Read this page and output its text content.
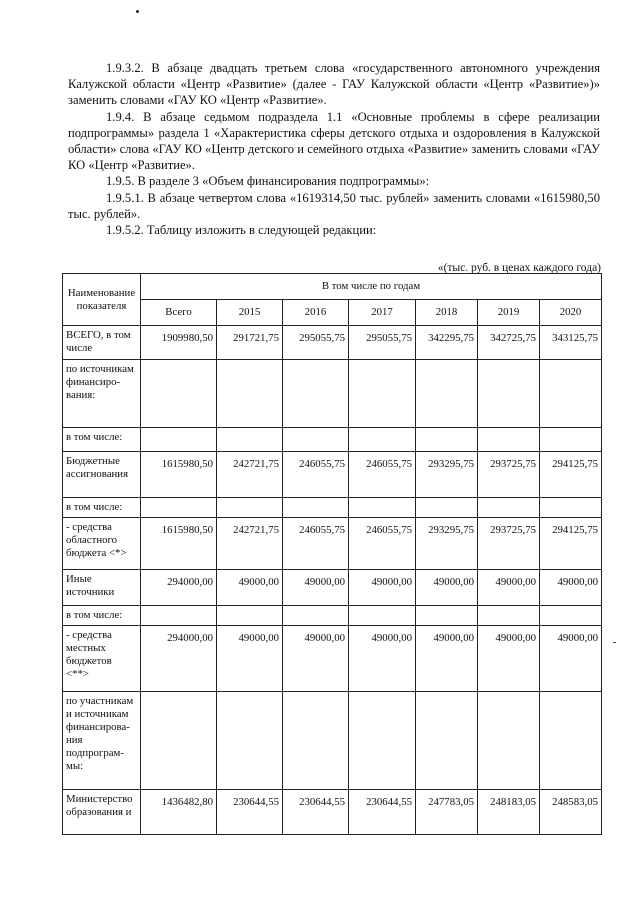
1.9.3.2. В абзаце двадцать третьем слова «государственного автономного учреждения Калужской области «Центр «Развитие» (далее - ГАУ Калужской области «Центр «Развитие»)» заменить словами «ГАУ КО «Центр «Развитие».

1.9.4. В абзаце седьмом подраздела 1.1 «Основные проблемы в сфере реализации подпрограммы» раздела 1 «Характеристика сферы детского отдыха и оздоровления в Калужской области» слова «ГАУ КО «Центр детского и семейного отдыха «Развитие» заменить словами «ГАУ КО «Центр «Развитие».

1.9.5. В разделе 3 «Объем финансирования подпрограммы»:

1.9.5.1. В абзаце четвертом слова «1619314,50 тыс. рублей» заменить словами «1615980,50 тыс. рублей».

1.9.5.2. Таблицу изложить в следующей редакции:

«(тыс. руб. в ценах каждого года)
Наименование показателя	В том числе по годам						
	Всего	2015	2016	2017	2018	2019	2020
ВСЕГО, в том числе	1909980,50	291721,75	295055,75	295055,75	342295,75	342725,75	343125,75
по источникам финансиро-вания:							
в том числе:							
Бюджетные ассигнования	1615980,50	242721,75	246055,75	246055,75	293295,75	293725,75	294125,75
в том числе:							
- средства областного бюджета <*>	1615980,50	242721,75	246055,75	246055,75	293295,75	293725,75	294125,75
Иные источники	294000,00	49000,00	49000,00	49000,00	49000,00	49000,00	49000,00
в том числе:							
- средства местных бюджетов <**>	294000,00	49000,00	49000,00	49000,00	49000,00	49000,00	49000,00
по участникам и источникам финансирова-ния подпрограм-мы:							
Министерство образования и	1436482,80	230644,55	230644,55	230644,55	247783,05	248183,05	248583,05
